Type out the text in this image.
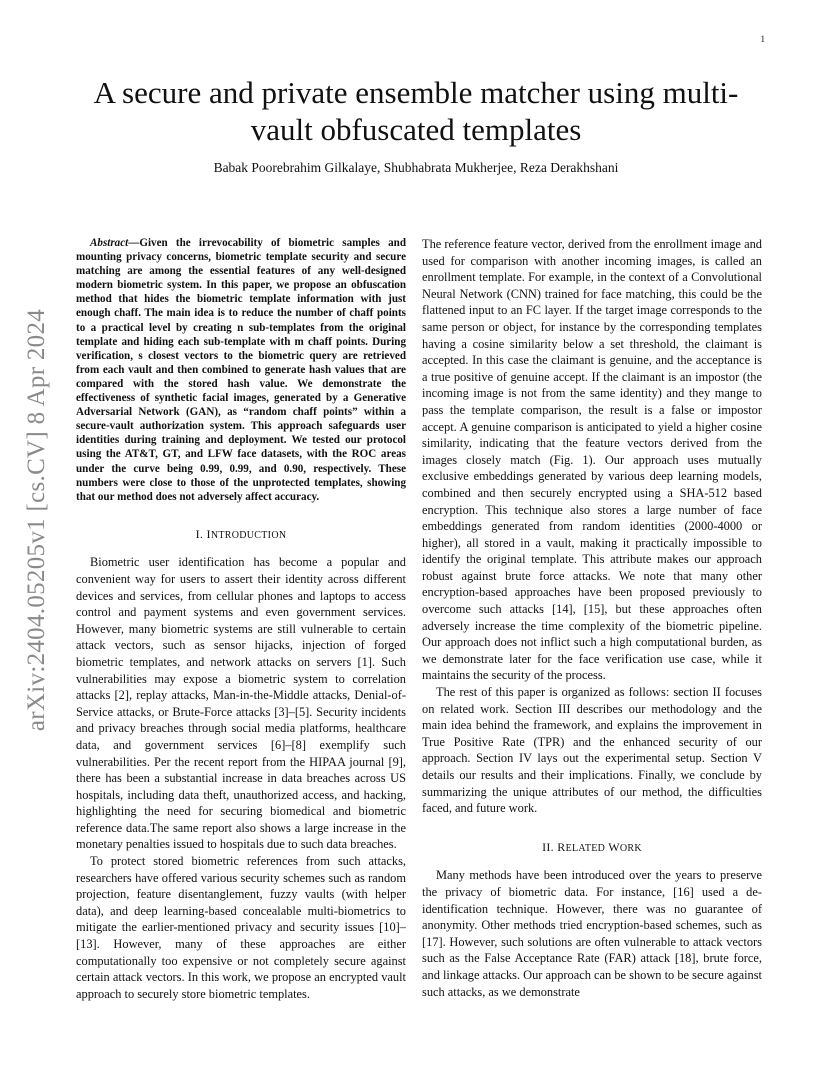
1
arXiv:2404.05205v1 [cs.CV] 8 Apr 2024
A secure and private ensemble matcher using multi-vault obfuscated templates
Babak Poorebrahim Gilkalaye, Shubhabrata Mukherjee, Reza Derakhshani

Abstract—Given the irrevocability of biometric samples and mounting privacy concerns, biometric template security and secure matching are among the essential features of any well-designed modern biometric system. In this paper, we propose an obfuscation method that hides the biometric template information with just enough chaff. The main idea is to reduce the number of chaff points to a practical level by creating n sub-templates from the original template and hiding each sub-template with m chaff points. During verification, s closest vectors to the biometric query are retrieved from each vault and then combined to generate hash values that are compared with the stored hash value. We demonstrate the effectiveness of synthetic facial images, generated by a Generative Adversarial Network (GAN), as “random chaff points” within a secure-vault authorization system. This approach safeguards user identities during training and deployment. We tested our protocol using the AT&T, GT, and LFW face datasets, with the ROC areas under the curve being 0.99, 0.99, and 0.90, respectively. These numbers were close to those of the unprotected templates, showing that our method does not adversely affect accuracy.

I. INTRODUCTION

Biometric user identification has become a popular and convenient way for users to assert their identity across different devices and services, from cellular phones and laptops to access control and payment systems and even government services. However, many biometric systems are still vulnerable to certain attack vectors, such as sensor hijacks, injection of forged biometric templates, and network attacks on servers [1]. Such vulnerabilities may expose a biometric system to correlation attacks [2], replay attacks, Man-in-the-Middle attacks, Denial-of-Service attacks, or Brute-Force attacks [3]–[5]. Security incidents and privacy breaches through social media platforms, healthcare data, and government services [6]–[8] exemplify such vulnerabilities. Per the recent report from the HIPAA journal [9], there has been a substantial increase in data breaches across US hospitals, including data theft, unauthorized access, and hacking, highlighting the need for securing biomedical and biometric reference data.The same report also shows a large increase in the monetary penalties issued to hospitals due to such data breaches.

To protect stored biometric references from such attacks, researchers have offered various security schemes such as random projection, feature disentanglement, fuzzy vaults (with helper data), and deep learning-based concealable multi-biometrics to mitigate the earlier-mentioned privacy and security issues [10]–[13]. However, many of these approaches are either computationally too expensive or not completely secure against certain attack vectors. In this work, we propose an encrypted vault approach to securely store biometric templates.

The reference feature vector, derived from the enrollment image and used for comparison with another incoming images, is called an enrollment template. For example, in the context of a Convolutional Neural Network (CNN) trained for face matching, this could be the flattened input to an FC layer. If the target image corresponds to the same person or object, for instance by the corresponding templates having a cosine similarity below a set threshold, the claimant is accepted. In this case the claimant is genuine, and the acceptance is a true positive of genuine accept. If the claimant is an impostor (the incoming image is not from the same identity) and they mange to pass the template comparison, the result is a false or impostor accept. A genuine comparison is anticipated to yield a higher cosine similarity, indicating that the feature vectors derived from the images closely match (Fig. 1). Our approach uses mutually exclusive embeddings generated by various deep learning models, combined and then securely encrypted using a SHA-512 based encryption. This technique also stores a large number of face embeddings generated from random identities (2000-4000 or higher), all stored in a vault, making it practically impossible to identify the original template. This attribute makes our approach robust against brute force attacks. We note that many other encryption-based approaches have been proposed previously to overcome such attacks [14], [15], but these approaches often adversely increase the time complexity of the biometric pipeline. Our approach does not inflict such a high computational burden, as we demonstrate later for the face verification use case, while it maintains the security of the process.

The rest of this paper is organized as follows: section II focuses on related work. Section III describes our methodology and the main idea behind the framework, and explains the improvement in True Positive Rate (TPR) and the enhanced security of our approach. Section IV lays out the experimental setup. Section V details our results and their implications. Finally, we conclude by summarizing the unique attributes of our method, the difficulties faced, and future work.

II. RELATED WORK

Many methods have been introduced over the years to preserve the privacy of biometric data. For instance, [16] used a de-identification technique. However, there was no guarantee of anonymity. Other methods tried encryption-based schemes, such as [17]. However, such solutions are often vulnerable to attack vectors such as the False Acceptance Rate (FAR) attack [18], brute force, and linkage attacks. Our approach can be shown to be secure against such attacks, as we demonstrate
